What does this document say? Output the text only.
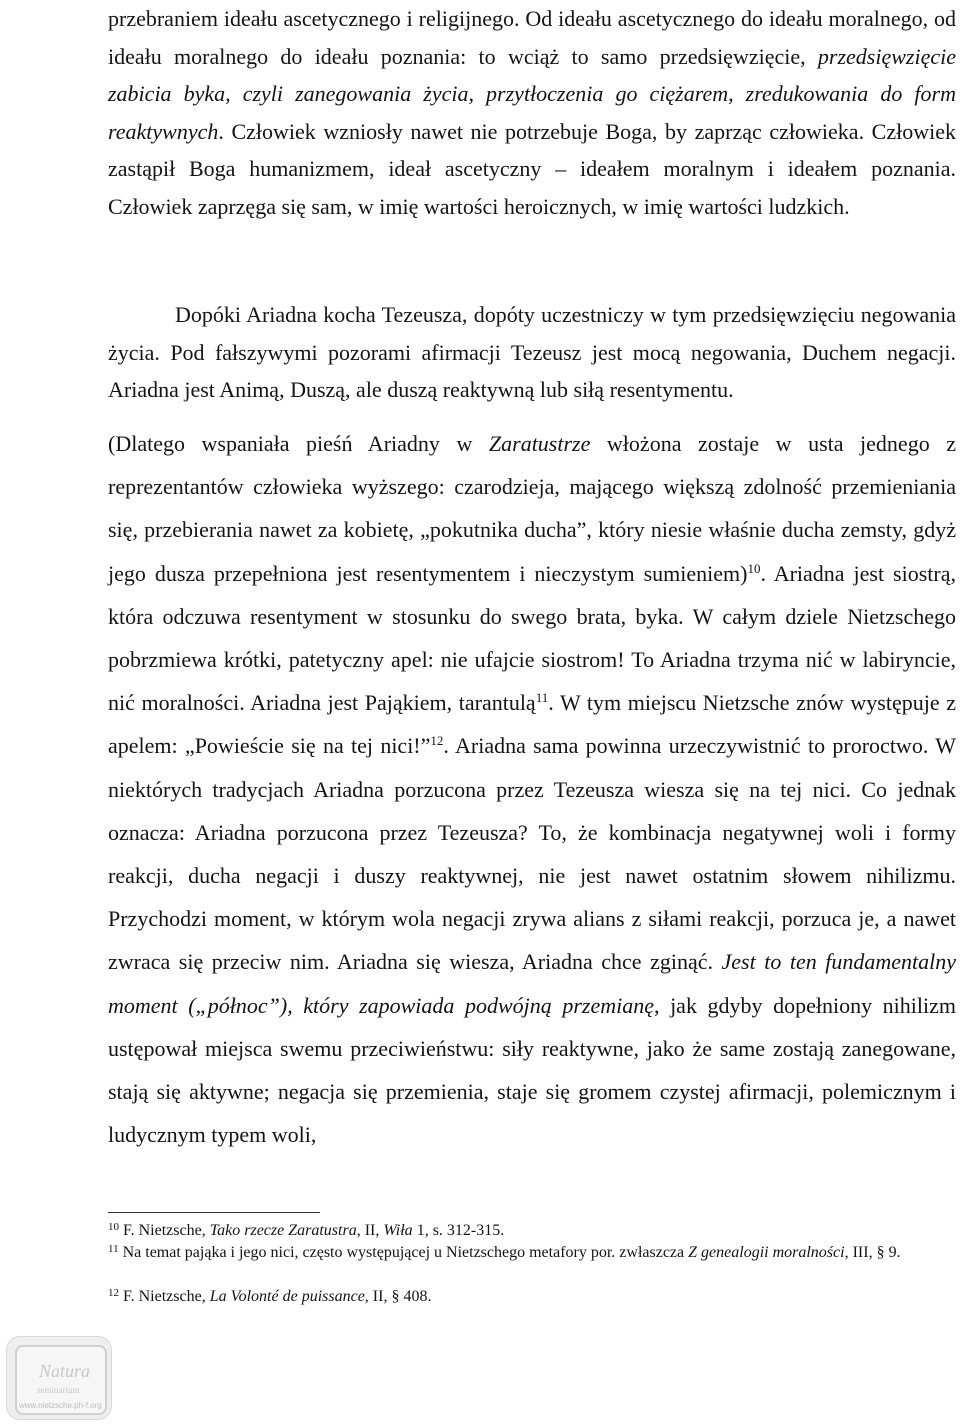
przebraniem ideału ascetycznego i religijnego. Od ideału ascetycznego do ideału moralnego, od ideału moralnego do ideału poznania: to wciąż to samo przedsięwzięcie, przedsięwzięcie zabicia byka, czyli zanegowania życia, przytłoczenia go ciężarem, zredukowania do form reaktywnych. Człowiek wzniosły nawet nie potrzebuje Boga, by zaprząc człowieka. Człowiek zastąpił Boga humanizmem, ideał ascetyczny – ideałem moralnym i ideałem poznania. Człowiek zaprzęga się sam, w imię wartości heroicznych, w imię wartości ludzkich.

Dopóki Ariadna kocha Tezeusza, dopóty uczestniczy w tym przedsięwzięciu negowania życia. Pod fałszywymi pozorami afirmacji Tezeusz jest mocą negowania, Duchem negacji. Ariadna jest Animą, Duszą, ale duszą reaktywną lub siłą resentymentu.

(Dlatego wspaniała pieśń Ariadny w Zaratustrze włożona zostaje w usta jednego z reprezentantów człowieka wyższego: czarodzieja, mającego większą zdolność przemieniania się, przebierania nawet za kobietę, „pokutnika ducha”, który niesie właśnie ducha zemsty, gdyż jego dusza przepełniona jest resentymentem i nieczystym sumieniem)$^{10}$. Ariadna jest siostrą, która odczuwa resentyment w stosunku do swego brata, byka. W całym dziele Nietzschego pobrzmiewa krótki, patetyczny apel: nie ufajcie siostrom! To Ariadna trzyma nić w labiryncie, nić moralności. Ariadna jest Pająkiem, tarantulą$^{11}$. W tym miejscu Nietzsche znów występuje z apelem: „Powieście się na tej nici!”$^{12}$. Ariadna sama powinna urzeczywistnić to proroctwo. W niektórych tradycjach Ariadna porzucona przez Tezeusza wiesza się na tej nici. Co jednak oznacza: Ariadna porzucona przez Tezeusza? To, że kombinacja negatywnej woli i formy reakcji, ducha negacji i duszy reaktywnej, nie jest nawet ostatnim słowem nihilizmu. Przychodzi moment, w którym wola negacji zrywa alians z siłami reakcji, porzuca je, a nawet zwraca się przeciw nim. Ariadna się wiesza, Ariadna chce zginąć. Jest to ten fundamentalny moment („północ”), który zapowiada podwójną przemianę, jak gdyby dopełniony nihilizm ustępował miejsca swemu przeciwieństwu: siły reaktywne, jako że same zostają zanegowane, stają się aktywne; negacja się przemienia, staje się gromem czystej afirmacji, polemicznym i ludycznym typem woli,

$^{10}$ F. Nietzsche, Tako rzecze Zaratustra, II, Wiła 1, s. 312-315.

$^{11}$ Na temat pająka i jego nici, często występującej u Nietzschego metafory por. zwłaszcza Z genealogii moralności, III, § 9.

$^{12}$ F. Nietzsche, La Volonté de puissance, II, § 408.

Natura
seminarium
www.nietzsche.ph-f.org
